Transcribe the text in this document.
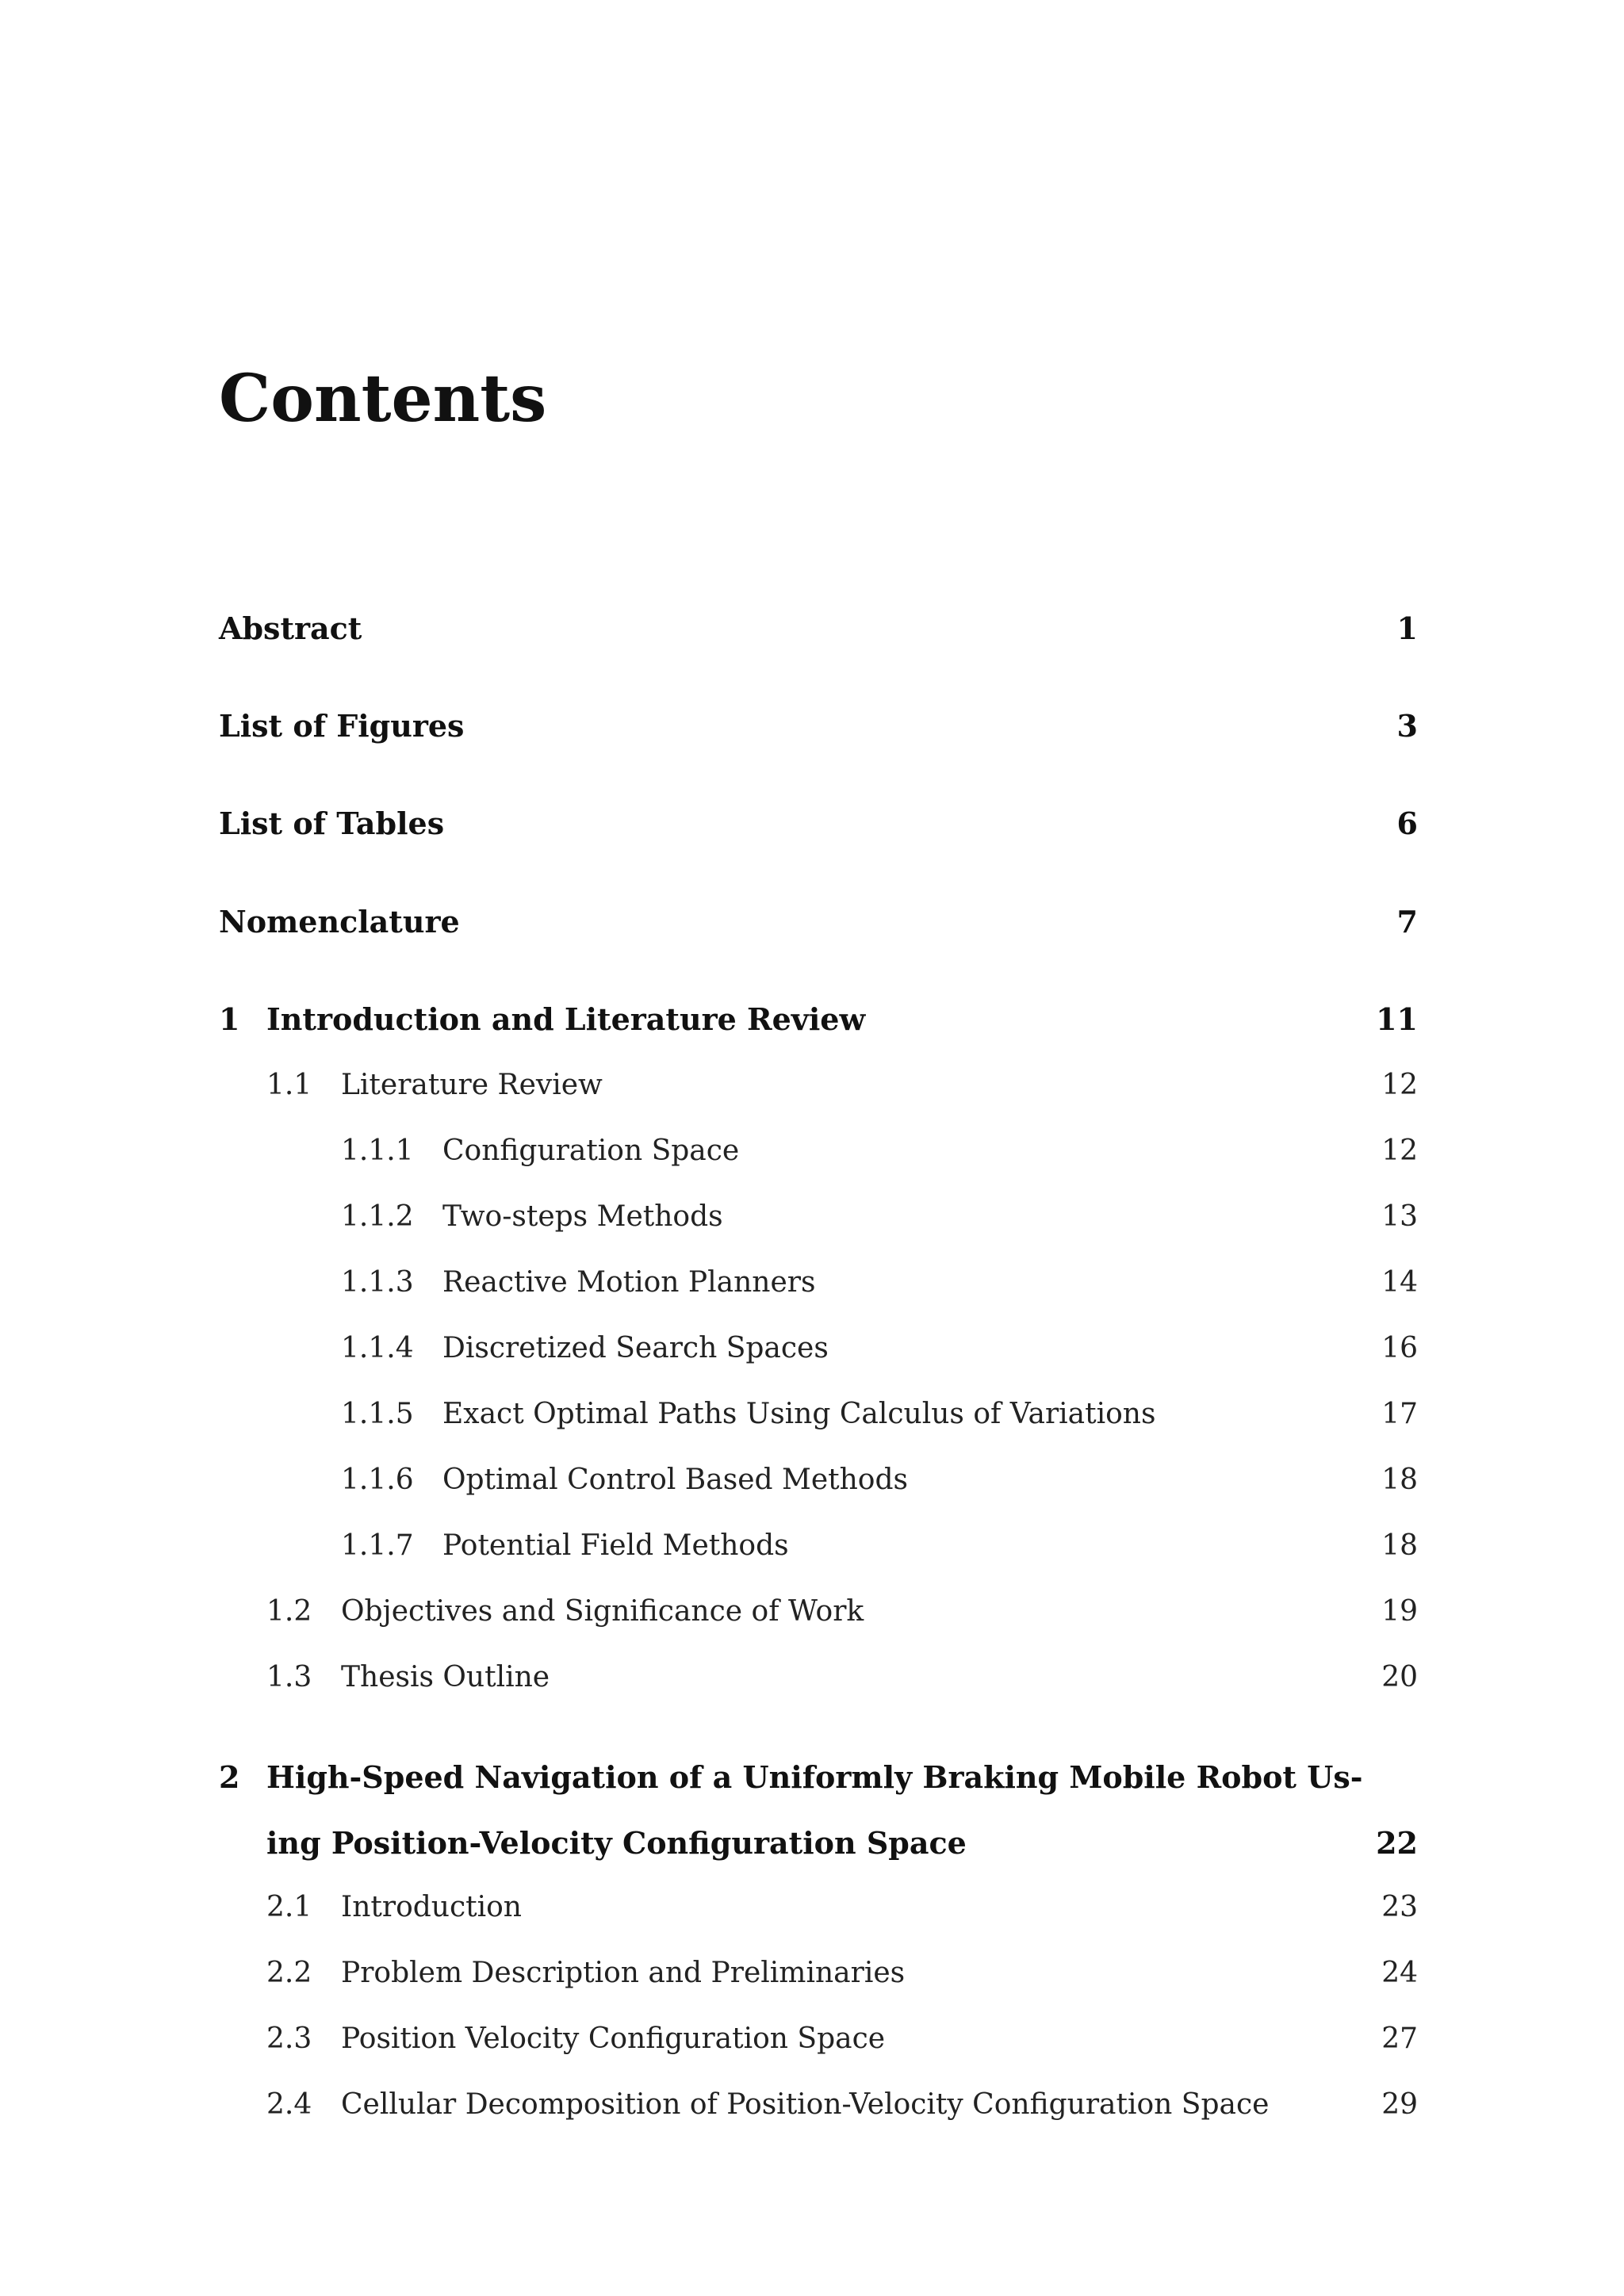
Contents
Abstract	1
List of Figures	3
List of Tables	6
Nomenclature	7
1 Introduction and Literature Review	11
1.1 Literature Review	12
1.1.1 Configuration Space	12
1.1.2 Two-steps Methods	13
1.1.3 Reactive Motion Planners	14
1.1.4 Discretized Search Spaces	16
1.1.5 Exact Optimal Paths Using Calculus of Variations	17
1.1.6 Optimal Control Based Methods	18
1.1.7 Potential Field Methods	18
1.2 Objectives and Significance of Work	19
1.3 Thesis Outline	20
2 High-Speed Navigation of a Uniformly Braking Mobile Robot Us-
ing Position-Velocity Configuration Space	22
2.1 Introduction	23
2.2 Problem Description and Preliminaries	24
2.3 Position Velocity Configuration Space	27
2.4 Cellular Decomposition of Position-Velocity Configuration Space	29
